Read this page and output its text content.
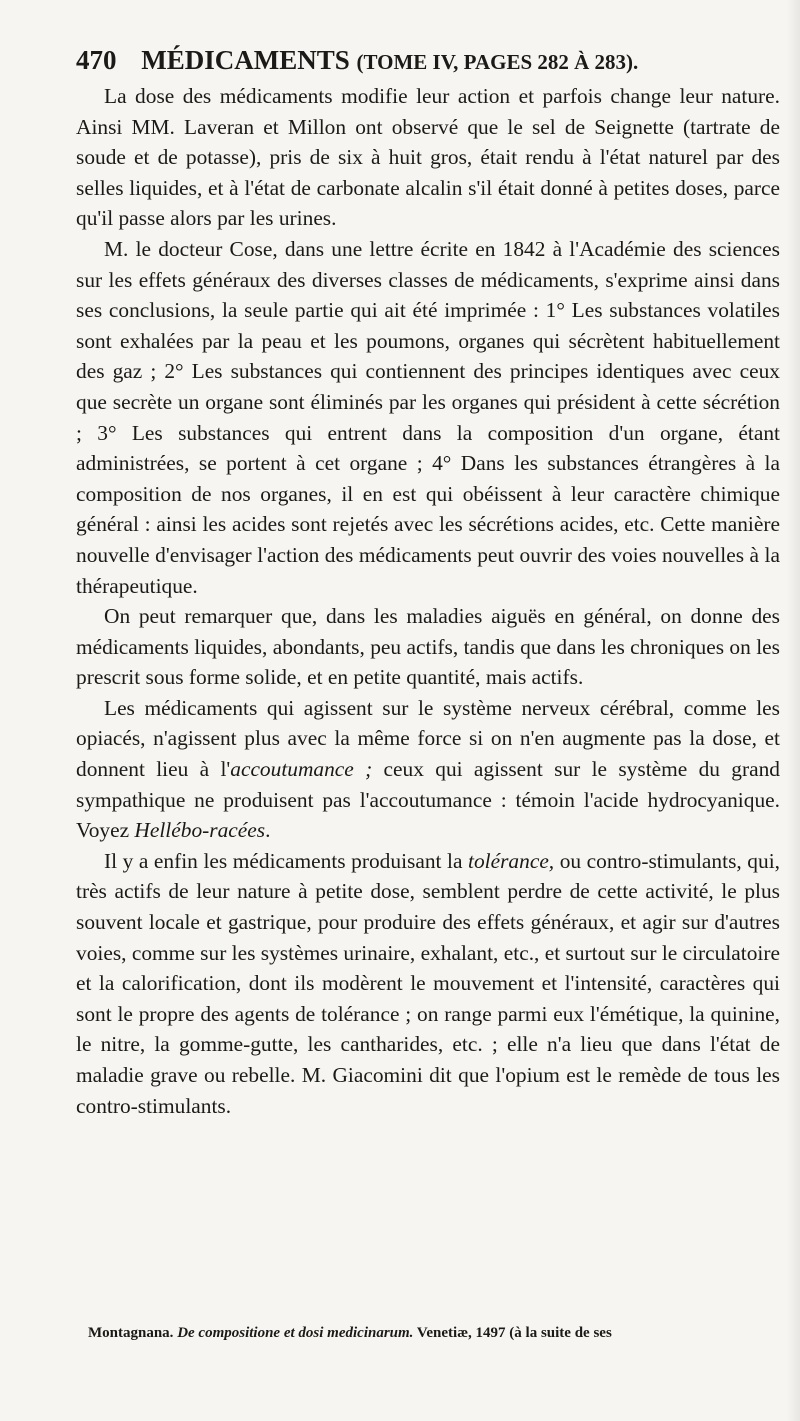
470 MÉDICAMENTS (TOME IV, PAGES 282 À 283).

La dose des médicaments modifie leur action et parfois change leur nature. Ainsi MM. Laveran et Millon ont observé que le sel de Seignette (tartrate de soude et de potasse), pris de six à huit gros, était rendu à l'état naturel par des selles liquides, et à l'état de carbonate alcalin s'il était donné à petites doses, parce qu'il passe alors par les urines.

M. le docteur Cose, dans une lettre écrite en 1842 à l'Académie des sciences sur les effets généraux des diverses classes de médicaments, s'exprime ainsi dans ses conclusions, la seule partie qui ait été imprimée : 1° Les substances volatiles sont exhalées par la peau et les poumons, organes qui sécrètent habituellement des gaz ; 2° Les substances qui contiennent des principes identiques avec ceux que secrète un organe sont éliminés par les organes qui président à cette sécrétion ; 3° Les substances qui entrent dans la composition d'un organe, étant administrées, se portent à cet organe ; 4° Dans les substances étrangères à la composition de nos organes, il en est qui obéissent à leur caractère chimique général : ainsi les acides sont rejetés avec les sécrétions acides, etc. Cette manière nouvelle d'envisager l'action des médicaments peut ouvrir des voies nouvelles à la thérapeutique.

On peut remarquer que, dans les maladies aiguës en général, on donne des médicaments liquides, abondants, peu actifs, tandis que dans les chroniques on les prescrit sous forme solide, et en petite quantité, mais actifs.

Les médicaments qui agissent sur le système nerveux cérébral, comme les opiacés, n'agissent plus avec la même force si on n'en augmente pas la dose, et donnent lieu à l'accoutumance ; ceux qui agissent sur le système du grand sympathique ne produisent pas l'accoutumance : témoin l'acide hydrocyanique. Voyez Hellébo-racées.

Il y a enfin les médicaments produisant la tolérance, ou contro-stimulants, qui, très actifs de leur nature à petite dose, semblent perdre de cette activité, le plus souvent locale et gastrique, pour produire des effets généraux, et agir sur d'autres voies, comme sur les systèmes urinaire, exhalant, etc., et surtout sur le circulatoire et la calorification, dont ils modèrent le mouvement et l'intensité, caractères qui sont le propre des agents de tolérance ; on range parmi eux l'émétique, la quinine, le nitre, la gomme-gutte, les cantharides, etc. ; elle n'a lieu que dans l'état de maladie grave ou rebelle. M. Giacomini dit que l'opium est le remède de tous les contro-stimulants.

Montagnana. De compositione et dosi medicinarum. Venetiæ, 1497 (à la suite de ses
